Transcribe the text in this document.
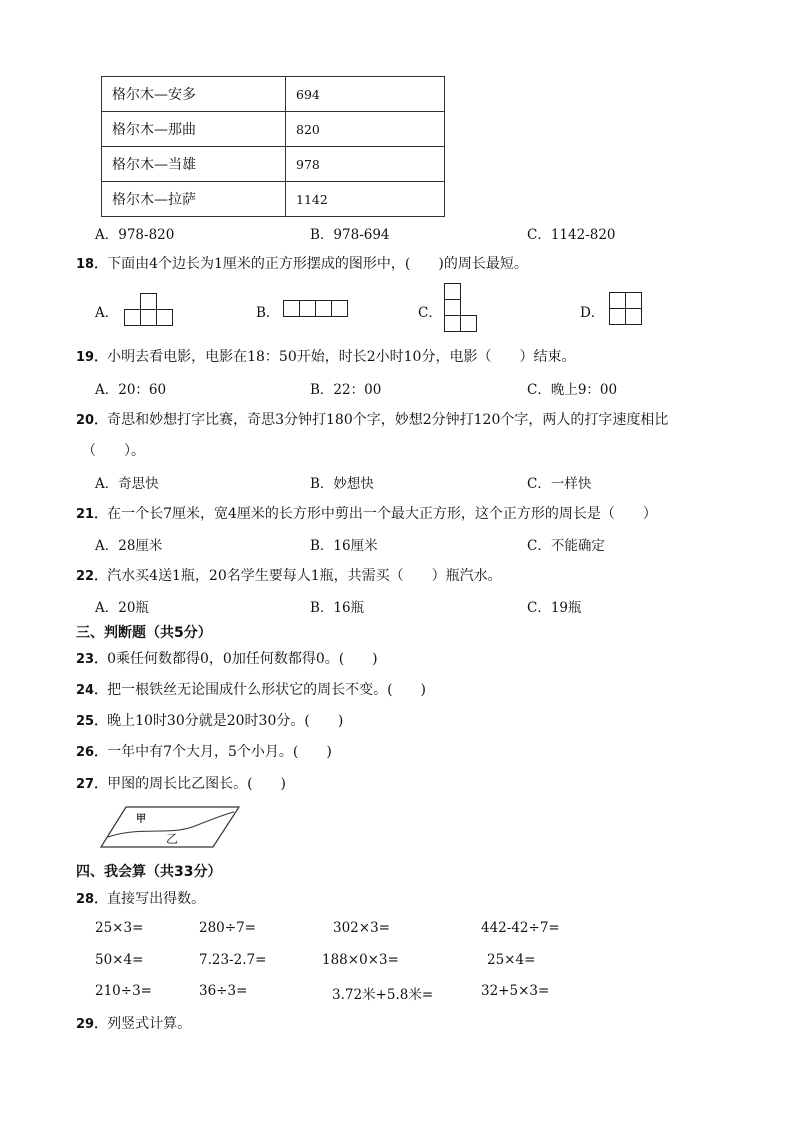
格尔木—安多	694
格尔木—那曲	820
格尔木—当雄	978
格尔木—拉萨	1142
A．978-820	B．978-694	C．1142-820
18．下面由4个边长为1厘米的正方形摆成的图形中，(　　)的周长最短。
A．	B．	C．	D．
19．小明去看电影，电影在18：50开始，时长2小时10分，电影（　　）结束。
A．20：60	B．22：00	C．晚上9：00
20．奇思和妙想打字比赛，奇思3分钟打180个字，妙想2分钟打120个字，两人的打字速度相比
（　　）。
A．奇思快	B．妙想快	C．一样快
21．在一个长7厘米，宽4厘米的长方形中剪出一个最大正方形，这个正方形的周长是（　　）
A．28厘米	B．16厘米	C．不能确定
22．汽水买4送1瓶，20名学生要每人1瓶，共需买（　　）瓶汽水。
A．20瓶	B．16瓶	C．19瓶
三、判断题（共5分）
23．0乘任何数都得0，0加任何数都得0。(　　)
24．把一根铁丝无论围成什么形状它的周长不变。(　　)
25．晚上10时30分就是20时30分。(　　)
26．一年中有7个大月，5个小月。(　　)
27．甲图的周长比乙图长。(　　)
甲
乙
四、我会算（共33分）
28．直接写出得数。
25×3=	280÷7=	302×3=	442-42÷7=
50×4=	7.23-2.7=	188×0×3=	25×4=
210÷3=	36÷3=	3.72米+5.8米=	32+5×3=
29．列竖式计算。
